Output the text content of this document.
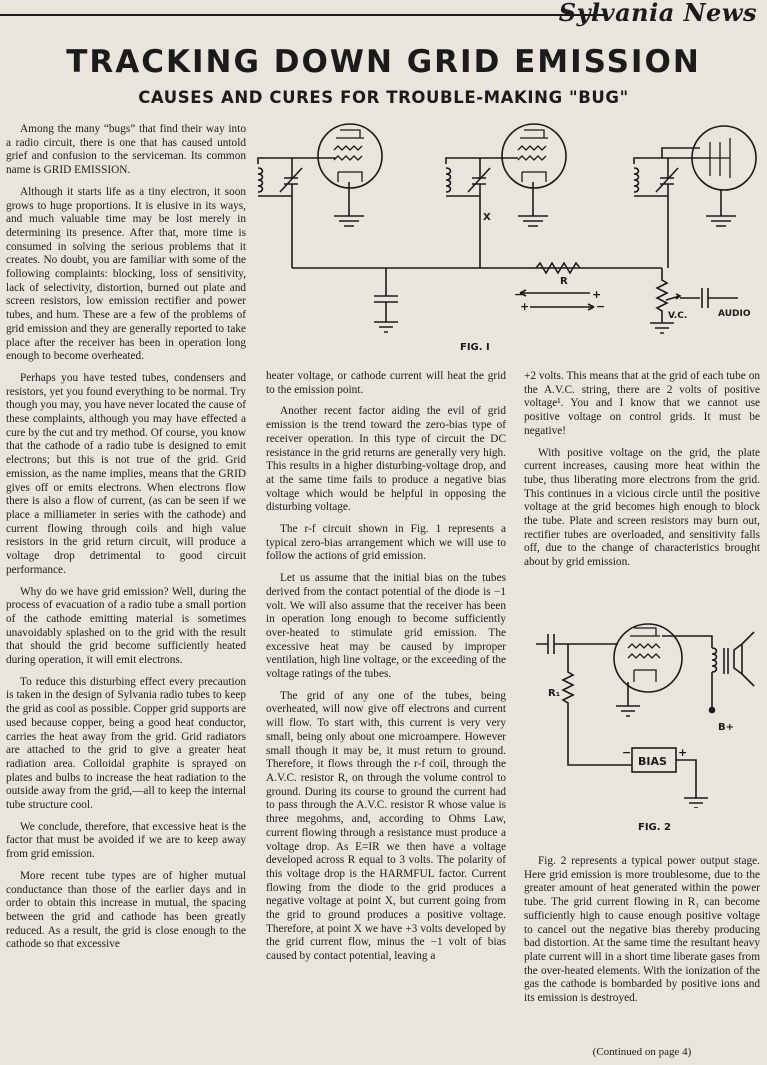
Sylvania News
TRACKING DOWN GRID EMISSION
CAUSES AND CURES FOR TROUBLE-MAKING "BUG"

Among the many “bugs” that find their way into a radio circuit, there is one that has caused untold grief and confusion to the serviceman. Its common name is GRID EMISSION.

Although it starts life as a tiny electron, it soon grows to huge proportions. It is elusive in its ways, and much valuable time may be lost merely in determining its presence. After that, more time is consumed in solving the serious problems that it creates. No doubt, you are familiar with some of the following complaints: blocking, loss of sensitivity, lack of selectivity, distortion, burned out plate and screen resistors, low emission rectifier and power tubes, and hum. These are a few of the problems of grid emission and they are generally reported to take place after the receiver has been in operation long enough to become overheated.

Perhaps you have tested tubes, condensers and resistors, yet you found everything to be normal. Try though you may, you have never located the cause of these complaints, although you may have effected a cure by the cut and try method. Of course, you know that the cathode of a radio tube is designed to emit electrons; but this is not true of the grid. Grid emission, as the name implies, means that the GRID gives off or emits electrons. When electrons flow there is also a flow of current, (as can be seen if we place a milliameter in series with the cathode) and current flowing through coils and high value resistors in the grid return circuit, will produce a voltage drop detrimental to good circuit performance.

Why do we have grid emission? Well, during the process of evacuation of a radio tube a small portion of the cathode emitting material is sometimes unavoidably splashed on to the grid with the result that should the grid become sufficiently heated during operation, it will emit electrons.

To reduce this disturbing effect every precaution is taken in the design of Sylvania radio tubes to keep the grid as cool as possible. Copper grid supports are used because copper, being a good heat conductor, carries the heat away from the grid. Grid radiators are attached to the grid to give a greater heat radiation area. Colloidal graphite is sprayed on plates and bulbs to increase the heat radiation to the outside away from the grid,—all to keep the internal tube structure cool.

We conclude, therefore, that excessive heat is the factor that must be avoided if we are to keep away from grid emission.

More recent tube types are of higher mutual conductance than those of the earlier days and in order to obtain this increase in mutual, the spacing between the grid and cathode has been greatly reduced. As a result, the grid is close enough to the cathode so that excessive

heater voltage, or cathode current will heat the grid to the emission point.

Another recent factor aiding the evil of grid emission is the trend toward the zero-bias type of receiver operation. In this type of circuit the DC resistance in the grid returns are generally very high. This results in a higher disturbing-voltage drop, and at the same time fails to produce a negative bias voltage which would be helpful in opposing the disturbing voltage.

The r-f circuit shown in Fig. 1 represents a typical zero-bias arrangement which we will use to follow the actions of grid emission.

Let us assume that the initial bias on the tubes derived from the contact potential of the diode is −1 volt. We will also assume that the receiver has been in operation long enough to become sufficiently over-heated to stimulate grid emission. The excessive heat may be caused by improper ventilation, high line voltage, or the exceeding of the voltage ratings of the tubes.

The grid of any one of the tubes, being overheated, will now give off electrons and current will flow. To start with, this current is very very small, being only about one microampere. However small though it may be, it must return to ground. Therefore, it flows through the r-f coil, through the A.V.C. resistor R, on through the volume control to ground. During its course to ground the current had to pass through the A.V.C. resistor R whose value is three megohms, and, according to Ohms Law, current flowing through a resistance must produce a voltage drop. As E=IR we then have a voltage developed across R equal to 3 volts. The polarity of this voltage drop is the HARMFUL factor. Current flowing from the diode to the grid produces a negative voltage at point X, but current going from the grid to ground produces a positive voltage. Therefore, at point X we have +3 volts developed by the grid current flow, minus the −1 volt of bias caused by contact potential, leaving a

+2 volts. This means that at the grid of each tube on the A.V.C. string, there are 2 volts of positive voltage¹. You and I know that we cannot use positive voltage on control grids. It must be negative!

With positive voltage on the grid, the plate current increases, causing more heat within the tube, thus liberating more electrons from the grid. This continues in a vicious circle until the positive voltage at the grid becomes high enough to block the tube. Plate and screen resistors may burn out, rectifier tubes are overloaded, and sensitivity falls off, due to the change of characteristics brought about by grid emission.

Fig. 2 represents a typical power output stage. Here grid emission is more troublesome, due to the greater amount of heat generated within the power tube. The grid current flowing in R₁ can become sufficiently high to cause enough positive voltage to cancel out the negative bias thereby producing bad distortion. At the same time the resultant heavy plate current will in a short time liberate gases from the over-heated elements. With the ionization of the gas the cathode is bombarded by positive ions and its emission is destroyed.

(Continued on page 4)
X
R
−	+
+	−
V.C.	AUDIO
FIG. I
BIAS
−	+
R₁
B+
FIG. 2
